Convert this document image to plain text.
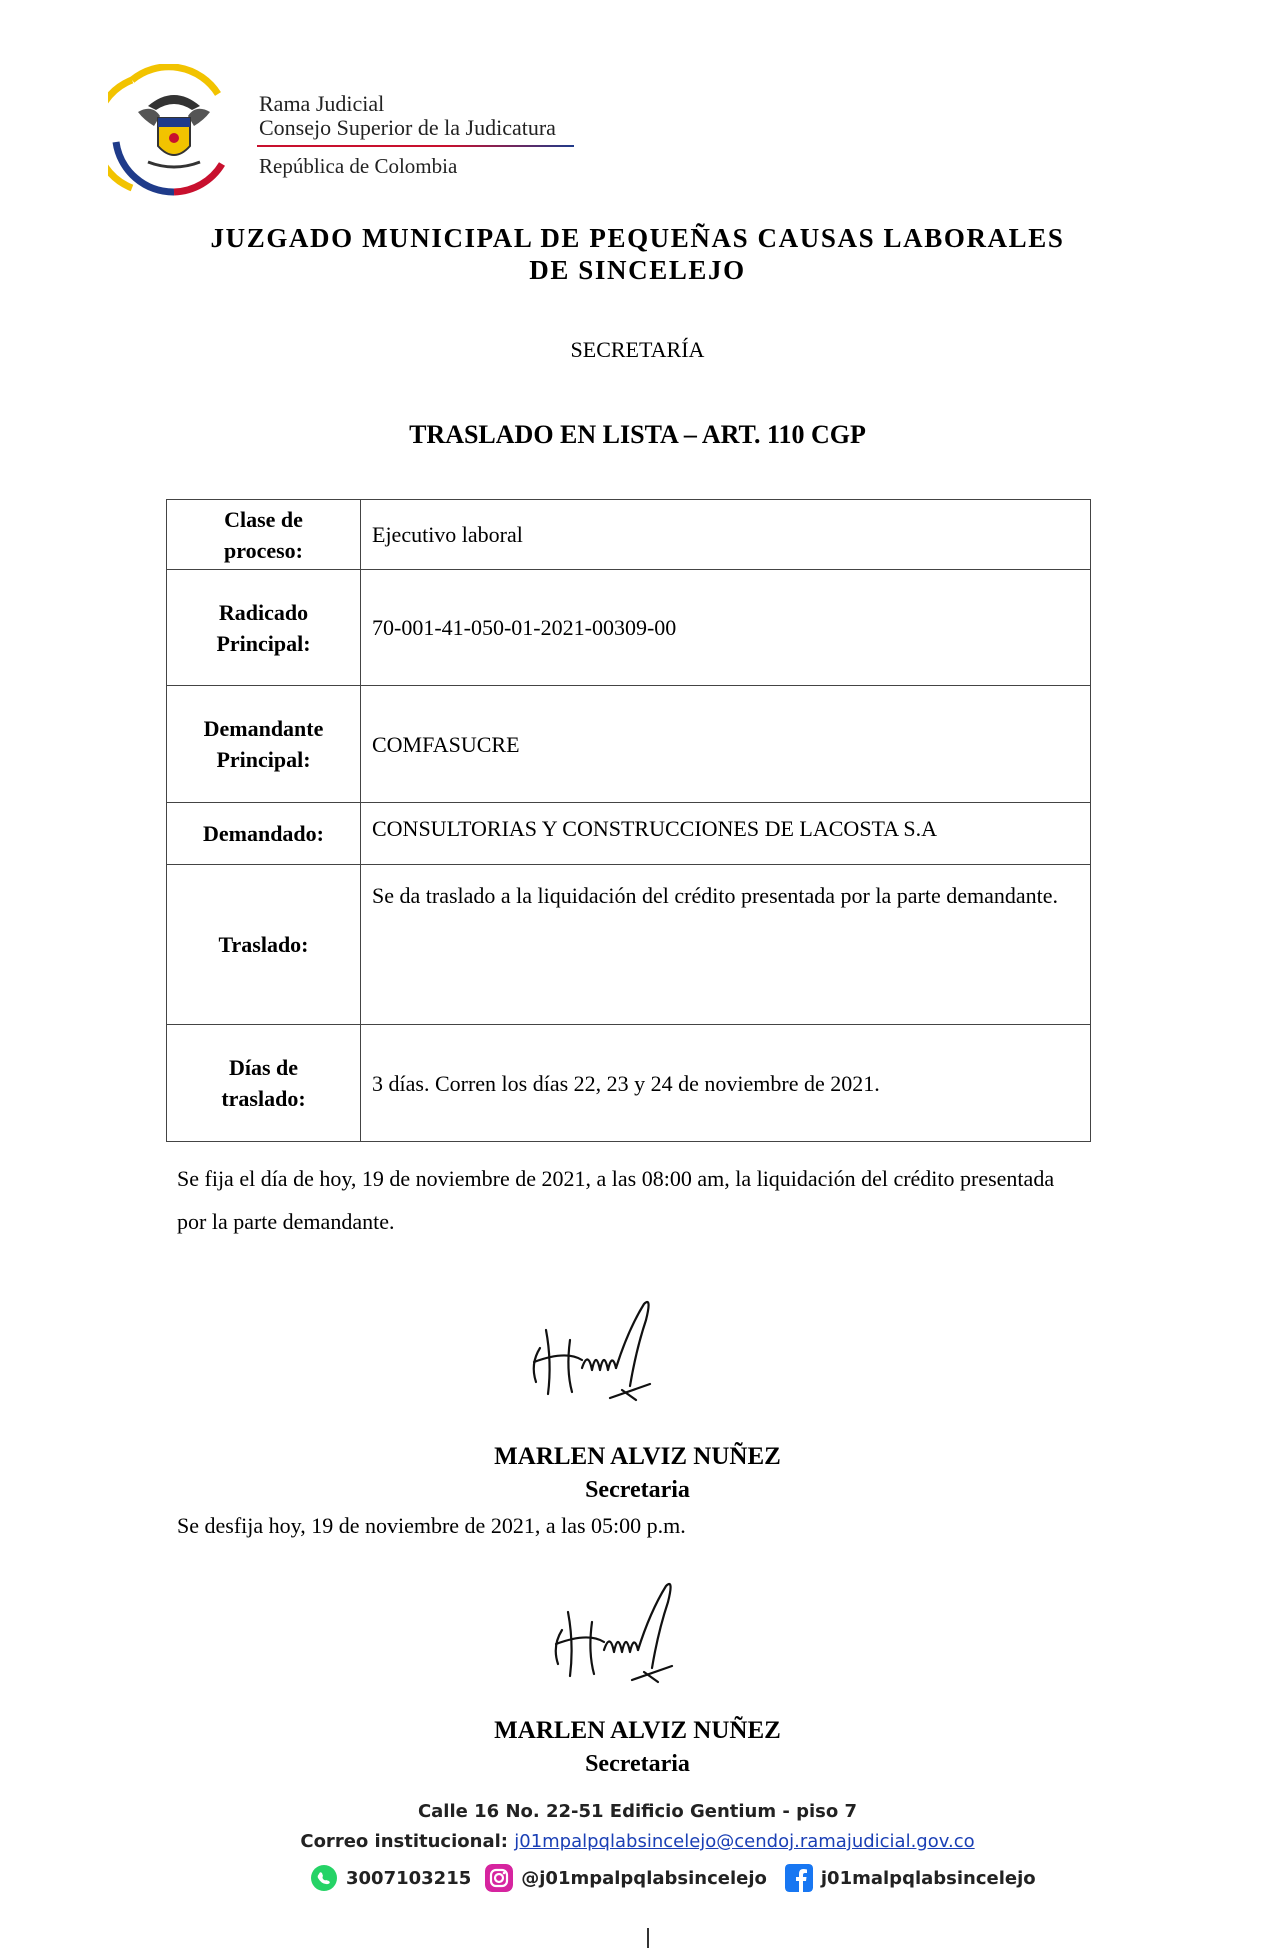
Rama Judicial
Consejo Superior de la Judicatura
República de Colombia
JUZGADO MUNICIPAL DE PEQUEÑAS CAUSAS LABORALES
DE SINCELEJO
SECRETARÍA
TRASLADO EN LISTA – ART. 110 CGP
Clase de
proceso:	Ejecutivo laboral

Radicado
Principal:	70-001-41-050-01-2021-00309-00

Demandante
Principal:	COMFASUCRE

Demandado:	CONSULTORIAS Y CONSTRUCCIONES DE LACOSTA S.A

Traslado:	Se da traslado a la liquidación del crédito presentada por la parte demandante.

Días de
traslado:	3 días. Corren los días 22, 23 y 24 de noviembre de 2021.
Se fija el día de hoy, 19 de noviembre de 2021, a las 08:00 am, la liquidación del crédito presentada por la parte demandante.
MARLEN ALVIZ NUÑEZ
Secretaria
Se desfija hoy, 19 de noviembre de 2021, a las 05:00 p.m.
MARLEN ALVIZ NUÑEZ
Secretaria
Calle 16 No. 22-51 Edificio Gentium - piso 7
Correo institucional: j01mpalpqlabsincelejo@cendoj.ramajudicial.gov.co
3007103215	@j01mpalpqlabsincelejo	j01malpqlabsincelejo
